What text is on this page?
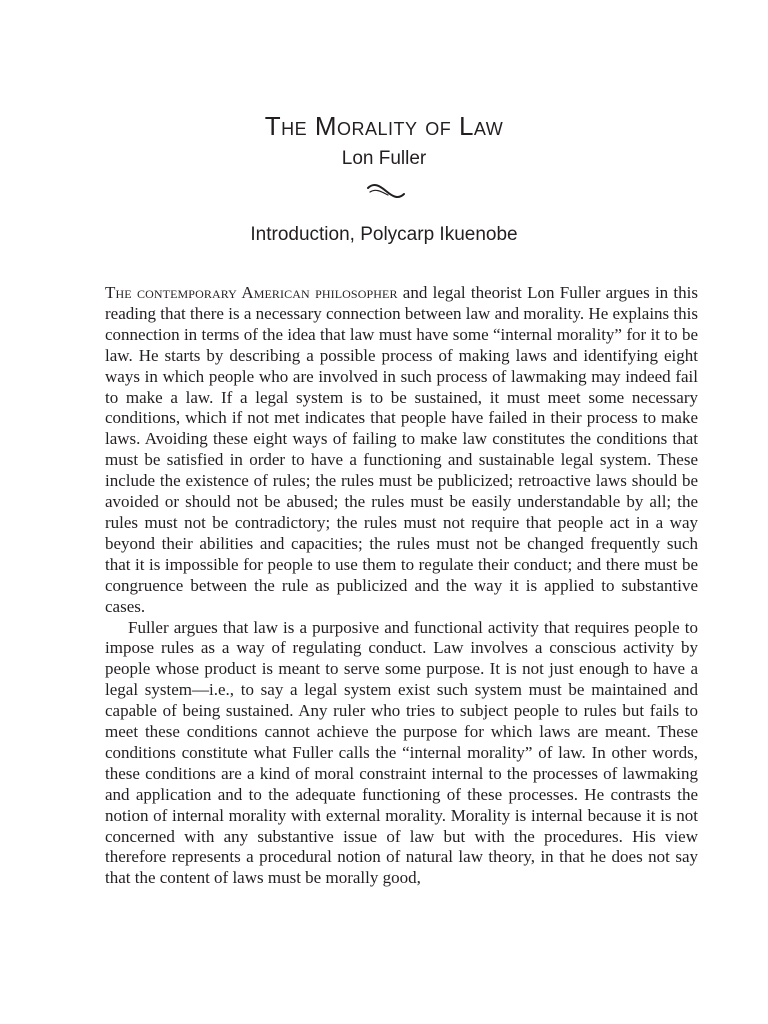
The Morality of Law
Lon Fuller
Introduction, Polycarp Ikuenobe

The contemporary American philosopher and legal theorist Lon Fuller argues in this reading that there is a necessary connection between law and morality. He explains this connection in terms of the idea that law must have some “internal morality” for it to be law. He starts by describing a possible process of making laws and identifying eight ways in which people who are involved in such process of lawmaking may indeed fail to make a law. If a legal system is to be sustained, it must meet some necessary conditions, which if not met indicates that people have failed in their process to make laws. Avoiding these eight ways of failing to make law constitutes the conditions that must be satisfied in order to have a functioning and sustainable legal system. These include the existence of rules; the rules must be publicized; retroactive laws should be avoided or should not be abused; the rules must be easily understandable by all; the rules must not be contradictory; the rules must not require that people act in a way beyond their abilities and capacities; the rules must not be changed frequently such that it is impossible for people to use them to regulate their conduct; and there must be congruence between the rule as publicized and the way it is applied to substantive cases.

Fuller argues that law is a purposive and functional activity that requires people to impose rules as a way of regulating conduct. Law involves a conscious activity by people whose product is meant to serve some purpose. It is not just enough to have a legal system—i.e., to say a legal system exist such system must be maintained and capable of being sustained. Any ruler who tries to subject people to rules but fails to meet these conditions cannot achieve the purpose for which laws are meant. These conditions constitute what Fuller calls the “internal morality” of law. In other words, these conditions are a kind of moral constraint internal to the processes of lawmaking and application and to the adequate functioning of these processes. He contrasts the notion of internal morality with external morality. Morality is internal because it is not concerned with any substantive issue of law but with the procedures. His view therefore represents a procedural notion of natural law theory, in that he does not say that the content of laws must be morally good,
